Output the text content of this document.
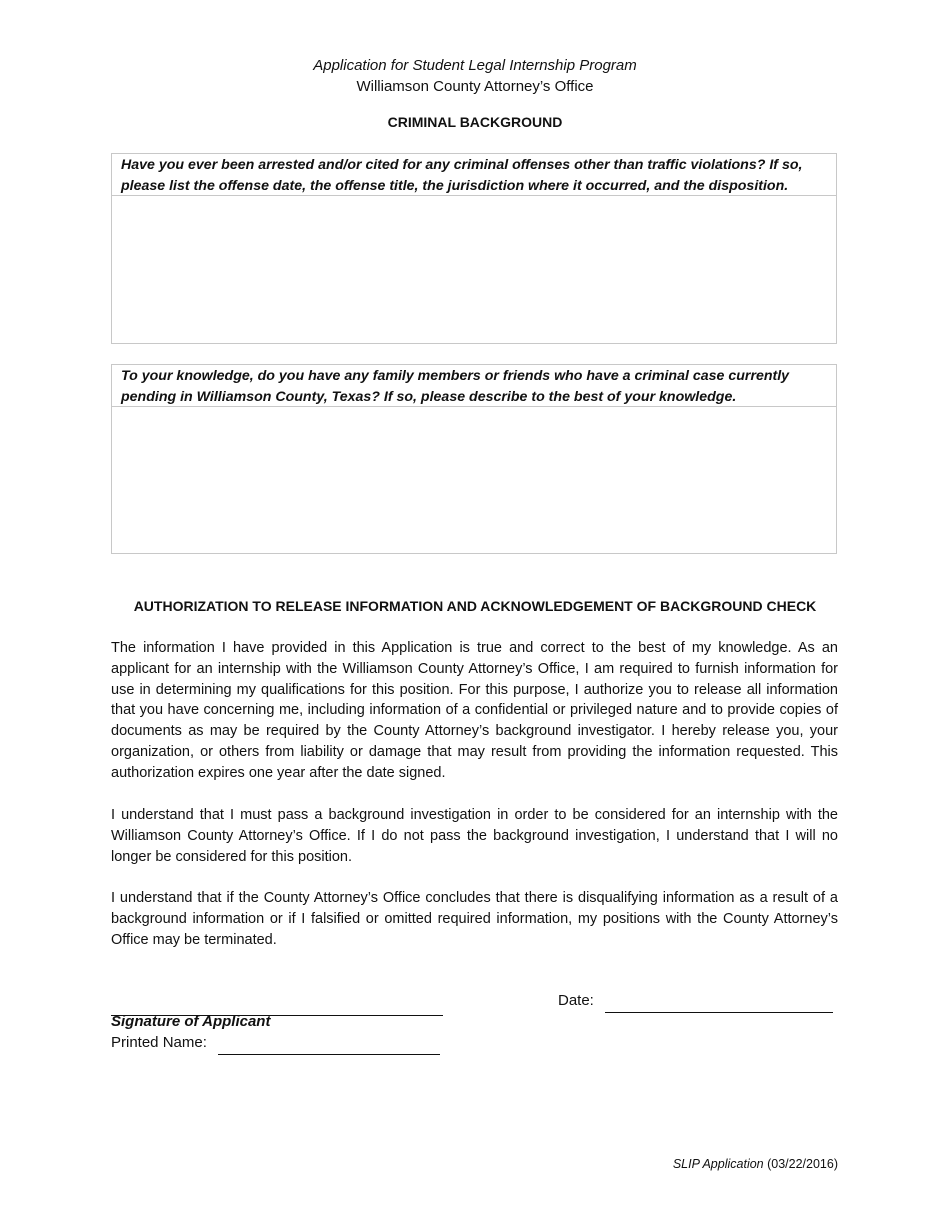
Application for Student Legal Internship Program
Williamson County Attorney’s Office
CRIMINAL BACKGROUND
Have you ever been arrested and/or cited for any criminal offenses other than traffic violations? If so, please list the offense date, the offense title, the jurisdiction where it occurred, and the disposition.
To your knowledge, do you have any family members or friends who have a criminal case currently pending in Williamson County, Texas? If so, please describe to the best of your knowledge.
AUTHORIZATION TO RELEASE INFORMATION AND ACKNOWLEDGEMENT OF BACKGROUND CHECK

The information I have provided in this Application is true and correct to the best of my knowledge. As an applicant for an internship with the Williamson County Attorney’s Office, I am required to furnish information for use in determining my qualifications for this position. For this purpose, I authorize you to release all information that you have concerning me, including information of a confidential or privileged nature and to provide copies of documents as may be required by the County Attorney’s background investigator. I hereby release you, your organization, or others from liability or damage that may result from providing the information requested. This authorization expires one year after the date signed.

I understand that I must pass a background investigation in order to be considered for an internship with the Williamson County Attorney’s Office. If I do not pass the background investigation, I understand that I will no longer be considered for this position.

I understand that if the County Attorney’s Office concludes that there is disqualifying information as a result of a background information or if I falsified or omitted required information, my positions with the County Attorney’s Office may be terminated.

Signature of Applicant
Printed Name:
Date:
SLIP Application (03/22/2016)
